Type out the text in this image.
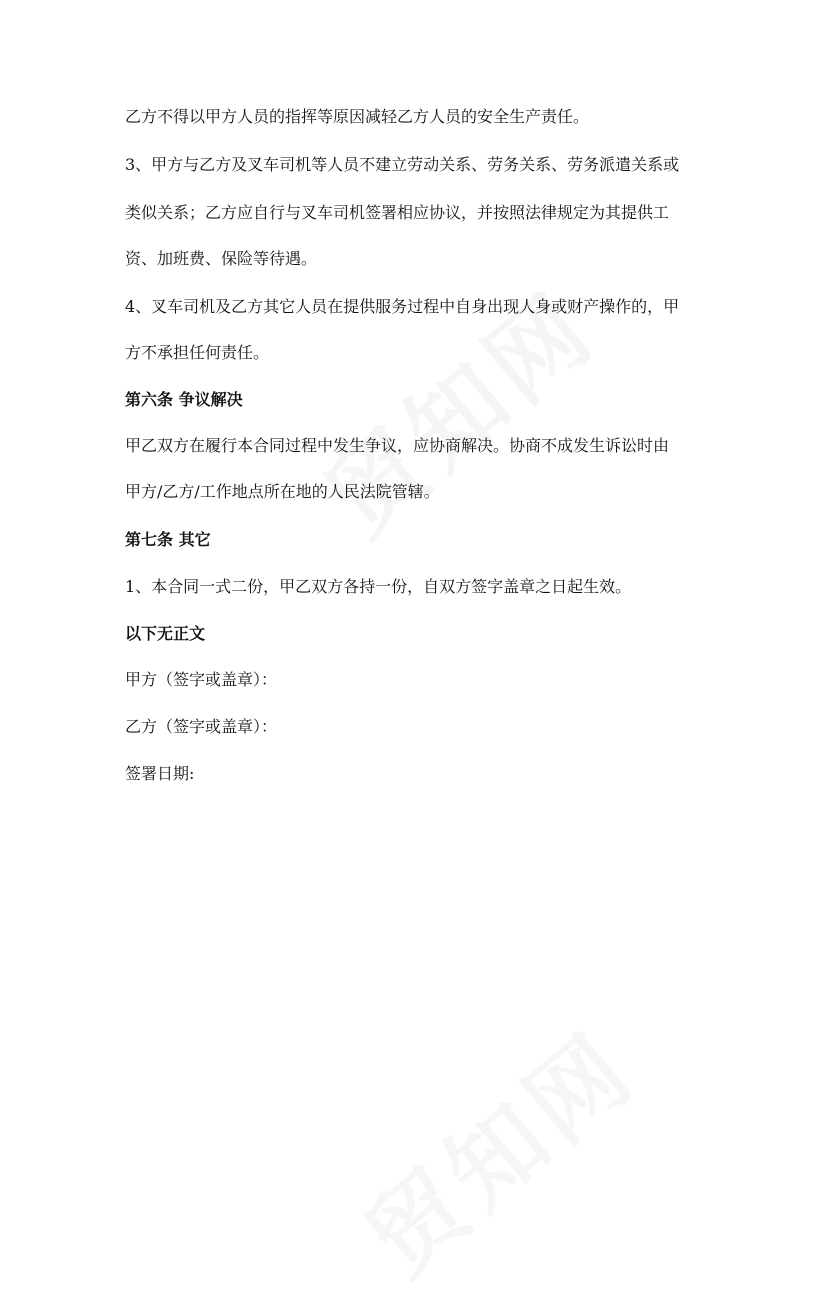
乙方不得以甲方人员的指挥等原因减轻乙方人员的安全生产责任。
3、甲方与乙方及叉车司机等人员不建立劳动关系、劳务关系、劳务派遣关系或
类似关系；乙方应自行与叉车司机签署相应协议，并按照法律规定为其提供工
资、加班费、保险等待遇。
4、叉车司机及乙方其它人员在提供服务过程中自身出现人身或财产操作的，甲
方不承担任何责任。
第六条 争议解决
甲乙双方在履行本合同过程中发生争议，应协商解决。协商不成发生诉讼时由
甲方/乙方/工作地点所在地的人民法院管辖。
第七条 其它
1、本合同一式二份，甲乙双方各持一份，自双方签字盖章之日起生效。
以下无正文
甲方（签字或盖章）：
乙方（签字或盖章）：
签署日期:
